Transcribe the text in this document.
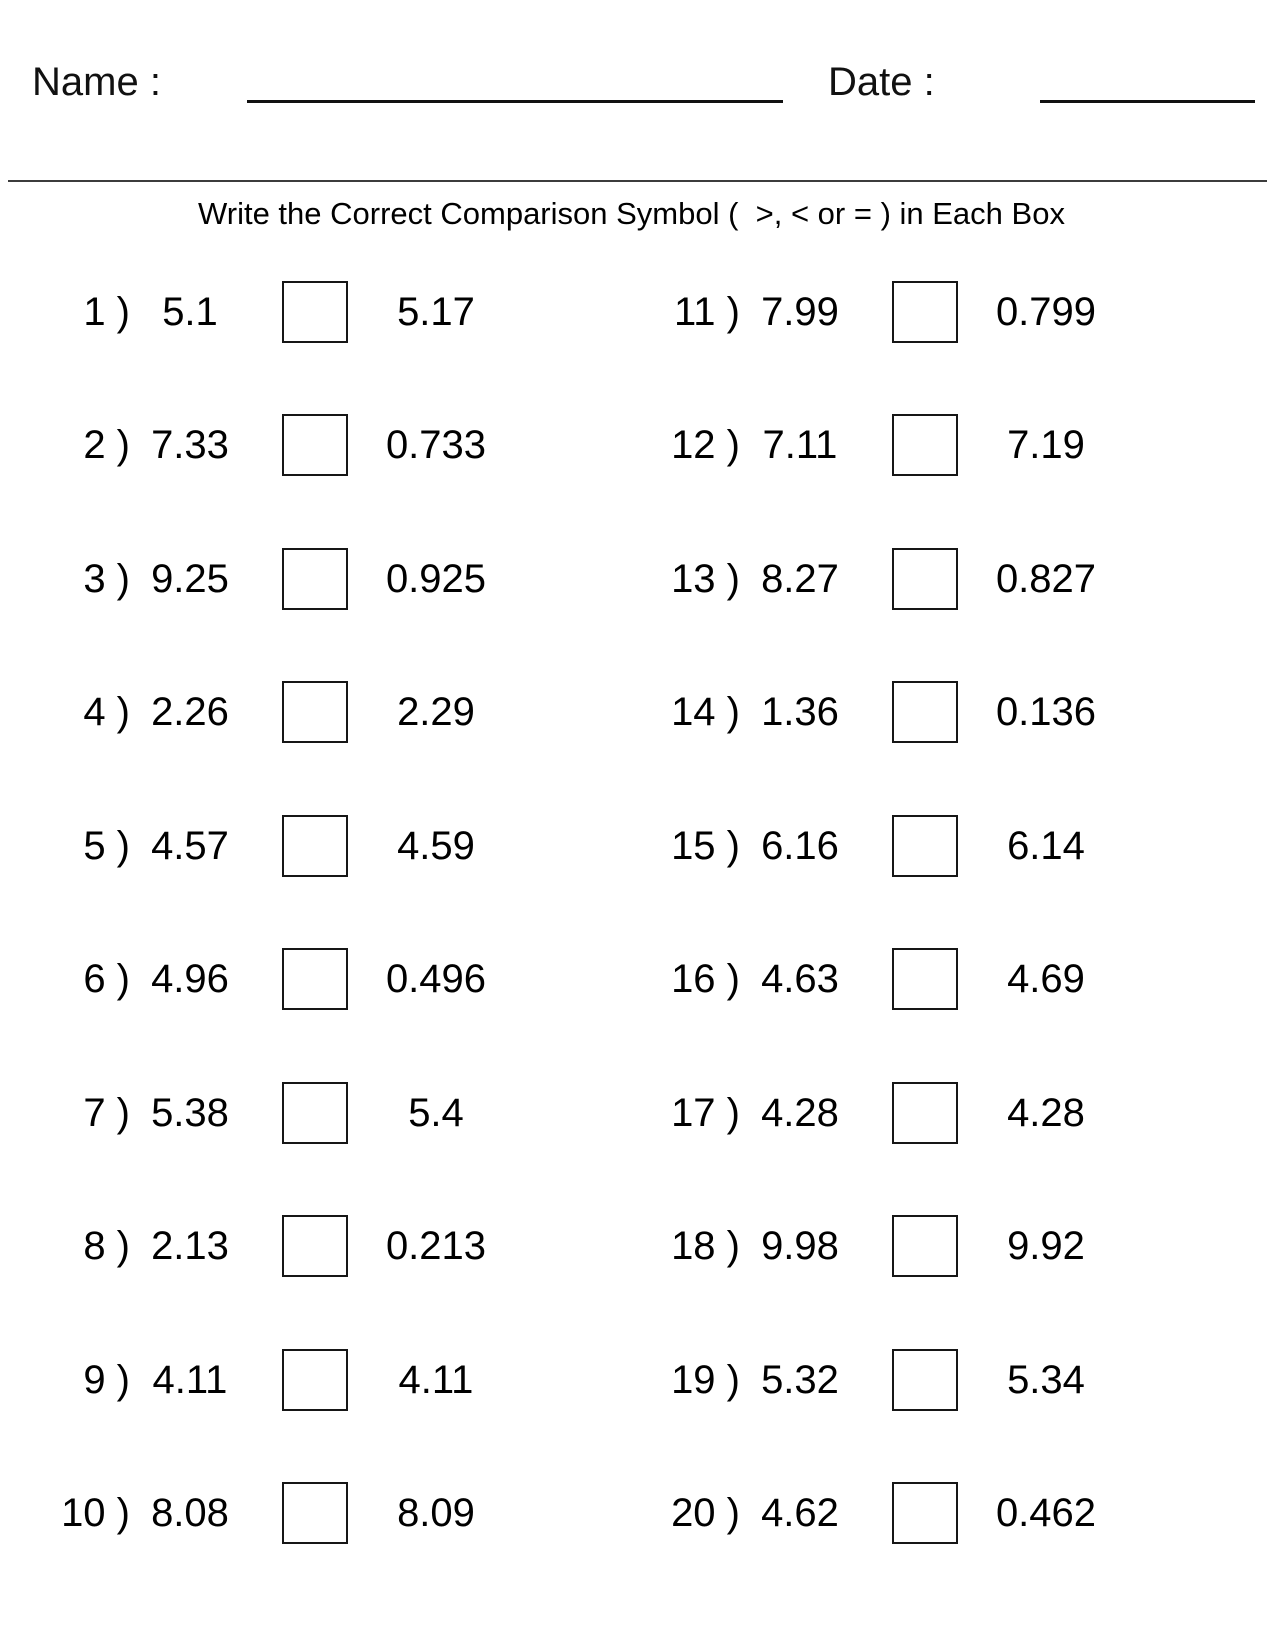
Name :	Date :
Write the Correct Comparison Symbol (  >, < or = ) in Each Box
1 ) 5.1	5.17
2 ) 7.33	0.733
3 ) 9.25	0.925
4 ) 2.26	2.29
5 ) 4.57	4.59
6 ) 4.96	0.496
7 ) 5.38	5.4
8 ) 2.13	0.213
9 ) 4.11	4.11
10 ) 8.08	8.09
11 ) 7.99	0.799
12 ) 7.11	7.19
13 ) 8.27	0.827
14 ) 1.36	0.136
15 ) 6.16	6.14
16 ) 4.63	4.69
17 ) 4.28	4.28
18 ) 9.98	9.92
19 ) 5.32	5.34
20 ) 4.62	0.462
